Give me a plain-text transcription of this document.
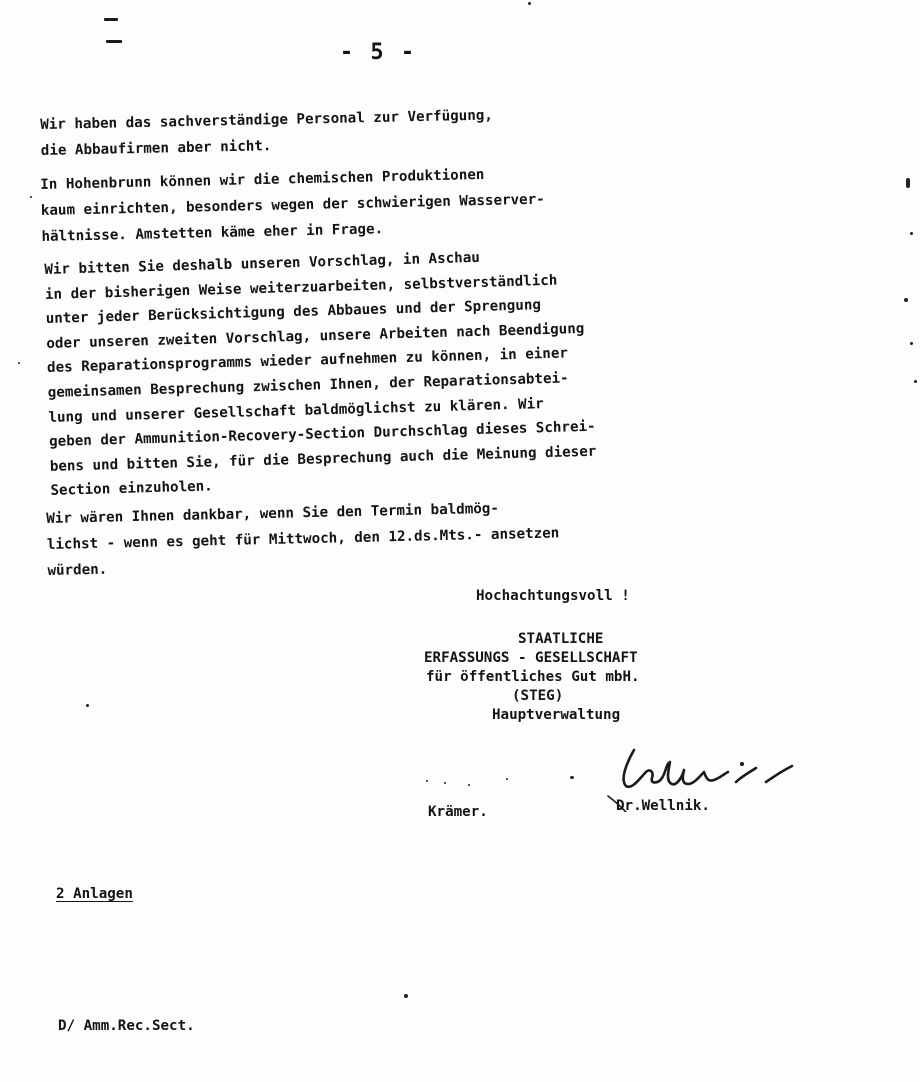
- 5 -

Wir haben das sachverständige Personal zur Verfügung,
die Abbaufirmen aber nicht.

In Hohenbrunn können wir die chemischen Produktionen
kaum einrichten, besonders wegen der schwierigen Wasserver-
hältnisse. Amstetten käme eher in Frage.

Wir bitten Sie deshalb unseren Vorschlag, in Aschau
in der bisherigen Weise weiterzuarbeiten, selbstverständlich
unter jeder Berücksichtigung des Abbaues und der Sprengung
oder unseren zweiten Vorschlag, unsere Arbeiten nach Beendigung
des Reparationsprogramms wieder aufnehmen zu können, in einer
gemeinsamen Besprechung zwischen Ihnen, der Reparationsabtei-
lung und unserer Gesellschaft baldmöglichst zu klären. Wir
geben der Ammunition-Recovery-Section Durchschlag dieses Schrei-
bens und bitten Sie, für die Besprechung auch die Meinung dieser
Section einzuholen.

Wir wären Ihnen dankbar, wenn Sie den Termin baldmög-
lichst - wenn es geht für Mittwoch, den 12.ds.Mts.- ansetzen
würden.

Hochachtungsvoll !
STAATLICHE
ERFASSUNGS - GESELLSCHAFT
für öffentliches Gut mbH.
(STEG)
Hauptverwaltung
Krämer.	Dr.Wellnik.
2 Anlagen
D/ Amm.Rec.Sect.
